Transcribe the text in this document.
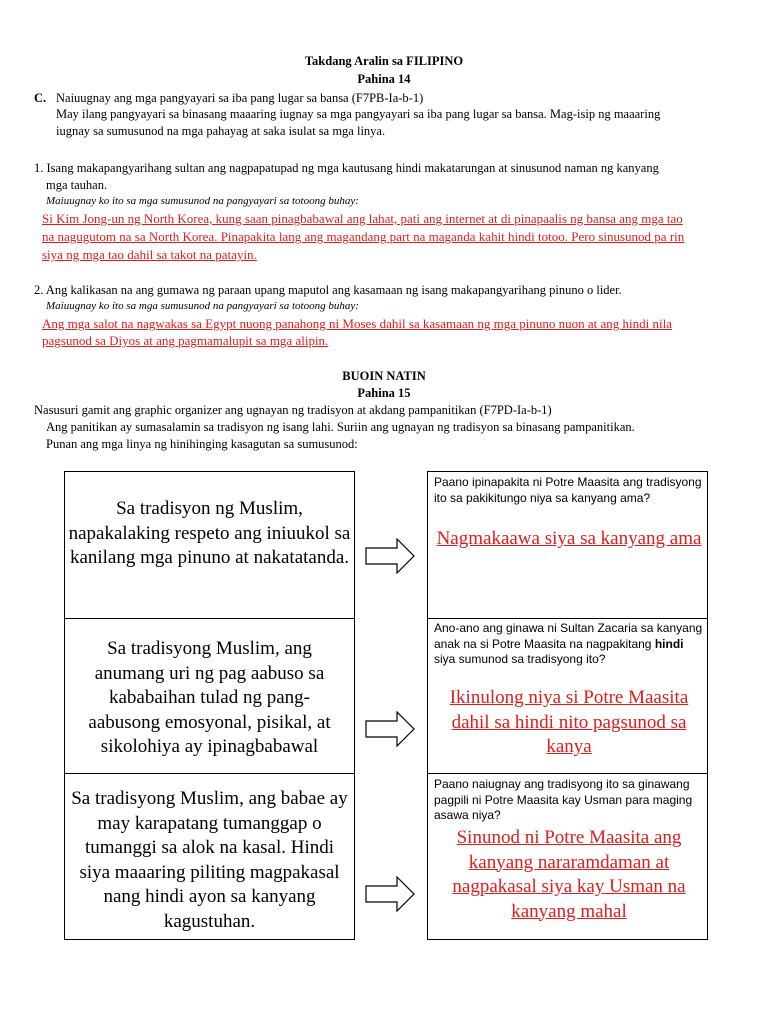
Takdang Aralin sa FILIPINO
Pahina 14
C. Naiuugnay ang mga pangyayari sa iba pang lugar sa bansa (F7PB-Ia-b-1)
May ilang pangyayari sa binasang maaaring iugnay sa mga pangyayari sa iba pang lugar sa bansa. Mag-isip ng maaaring
iugnay sa sumusunod na mga pahayag at saka isulat sa mga linya.
1. Isang makapangyarihang sultan ang nagpapatupad ng mga kautusang hindi makatarungan at sinusunod naman ng kanyang
mga tauhan.
Maiuugnay ko ito sa mga sumusunod na pangyayari sa totoong buhay:
Si Kim Jong-un ng North Korea, kung saan pinagbabawal ang lahat, pati ang internet at di pinapaalis ng bansa ang mga tao
na nagugutom na sa North Korea. Pinapakita lang ang magandang part na maganda kahit hindi totoo. Pero sinusunod pa rin
siya ng mga tao dahil sa takot na patayin.
2. Ang kalikasan na ang gumawa ng paraan upang maputol ang kasamaan ng isang makapangyarihang pinuno o lider.
Maiuugnay ko ito sa mga sumusunod na pangyayari sa totoong buhay:
Ang mga salot na nagwakas sa Egypt nuong panahong ni Moses dahil sa kasamaan ng mga pinuno nuon at ang hindi nila
pagsunod sa Diyos at ang pagmamalupit sa mga alipin.
BUOIN NATIN
Pahina 15
Nasusuri gamit ang graphic organizer ang ugnayan ng tradisyon at akdang pampanitikan (F7PD-Ia-b-1)
Ang panitikan ay sumasalamin sa tradisyon ng isang lahi. Suriin ang ugnayan ng tradisyon sa binasang pampanitikan.
Punan ang mga linya ng hinihinging kasagutan sa sumusunod:
Sa tradisyon ng Muslim, napakalaking respeto ang iniuukol sa kanilang mga pinuno at nakatatanda.
Sa tradisyong Muslim, ang anumang uri ng pag aabuso sa kababaihan tulad ng pang-aabusong emosyonal, pisikal, at sikolohiya ay ipinagbabawal
Sa tradisyong Muslim, ang babae ay may karapatang tumanggap o tumanggi sa alok na kasal. Hindi siya maaaring piliting magpakasal nang hindi ayon sa kanyang kagustuhan.
Paano ipinapakita ni Potre Maasita ang tradisyong ito sa pakikitungo niya sa kanyang ama?
Nagmakaawa siya sa kanyang ama
Ano-ano ang ginawa ni Sultan Zacaria sa kanyang anak na si Potre Maasita na nagpakitang hindi siya sumunod sa tradisyong ito?
Ikinulong niya si Potre Maasita dahil sa hindi nito pagsunod sa kanya
Paano naiugnay ang tradisyong ito sa ginawang pagpili ni Potre Maasita kay Usman para maging asawa niya?
Sinunod ni Potre Maasita ang kanyang nararamdaman at nagpakasal siya kay Usman na kanyang mahal
